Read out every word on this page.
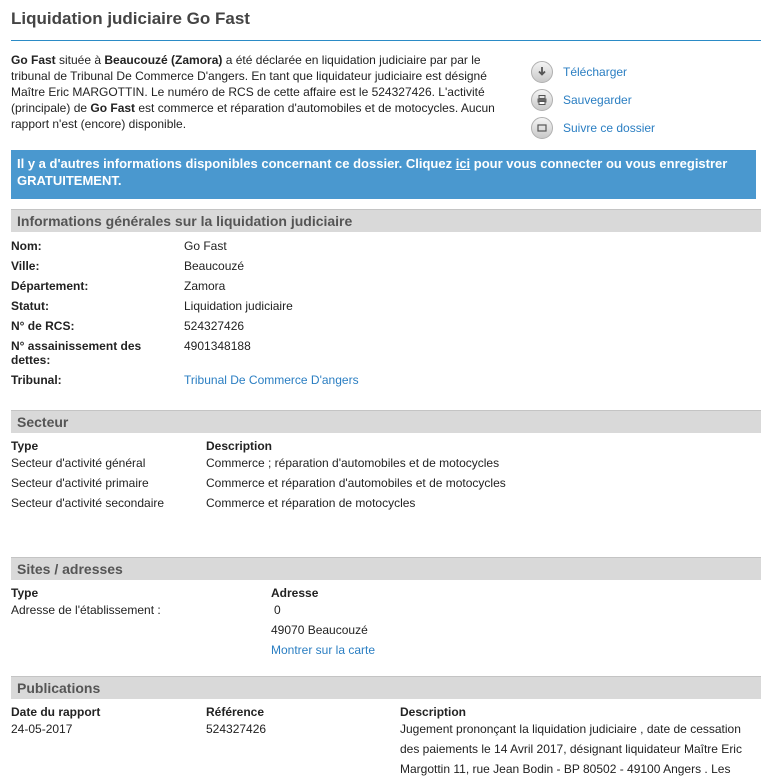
Liquidation judiciaire Go Fast
Go Fast située à Beaucouzé (Zamora) a été déclarée en liquidation judiciaire par par le tribunal de Tribunal De Commerce D'angers. En tant que liquidateur judiciaire est désigné Maître Eric MARGOTTIN. Le numéro de RCS de cette affaire est le 524327426. L'activité (principale) de Go Fast est commerce et réparation d'automobiles et de motocycles. Aucun rapport n'est (encore) disponible.
Télécharger
Sauvegarder
Suivre ce dossier
Il y a d'autres informations disponibles concernant ce dossier. Cliquez ici pour vous connecter ou vous enregistrer GRATUITEMENT.
Informations générales sur la liquidation judiciaire
Nom:	Go Fast
Ville:	Beaucouzé
Département:	Zamora
Statut:	Liquidation judiciaire
N° de RCS:	524327426
N° assainissement des dettes:
4901348188
Tribunal:	Tribunal De Commerce D'angers
Secteur
Type	Description
Secteur d'activité général	Commerce ; réparation d'automobiles et de motocycles
Secteur d'activité primaire	Commerce et réparation d'automobiles et de motocycles
Secteur d'activité secondaire	Commerce et réparation de motocycles
Sites / adresses
Type	Adresse
Adresse de l'établissement :	0
49070 Beaucouzé
Montrer sur la carte
Publications
Date du rapport	Référence	Description
24-05-2017	524327426	Jugement prononçant la liquidation judiciaire , date de cessation des paiements le 14 Avril 2017, désignant liquidateur Maître Eric Margottin 11, rue Jean Bodin - BP 80502 - 49100 Angers . Les
